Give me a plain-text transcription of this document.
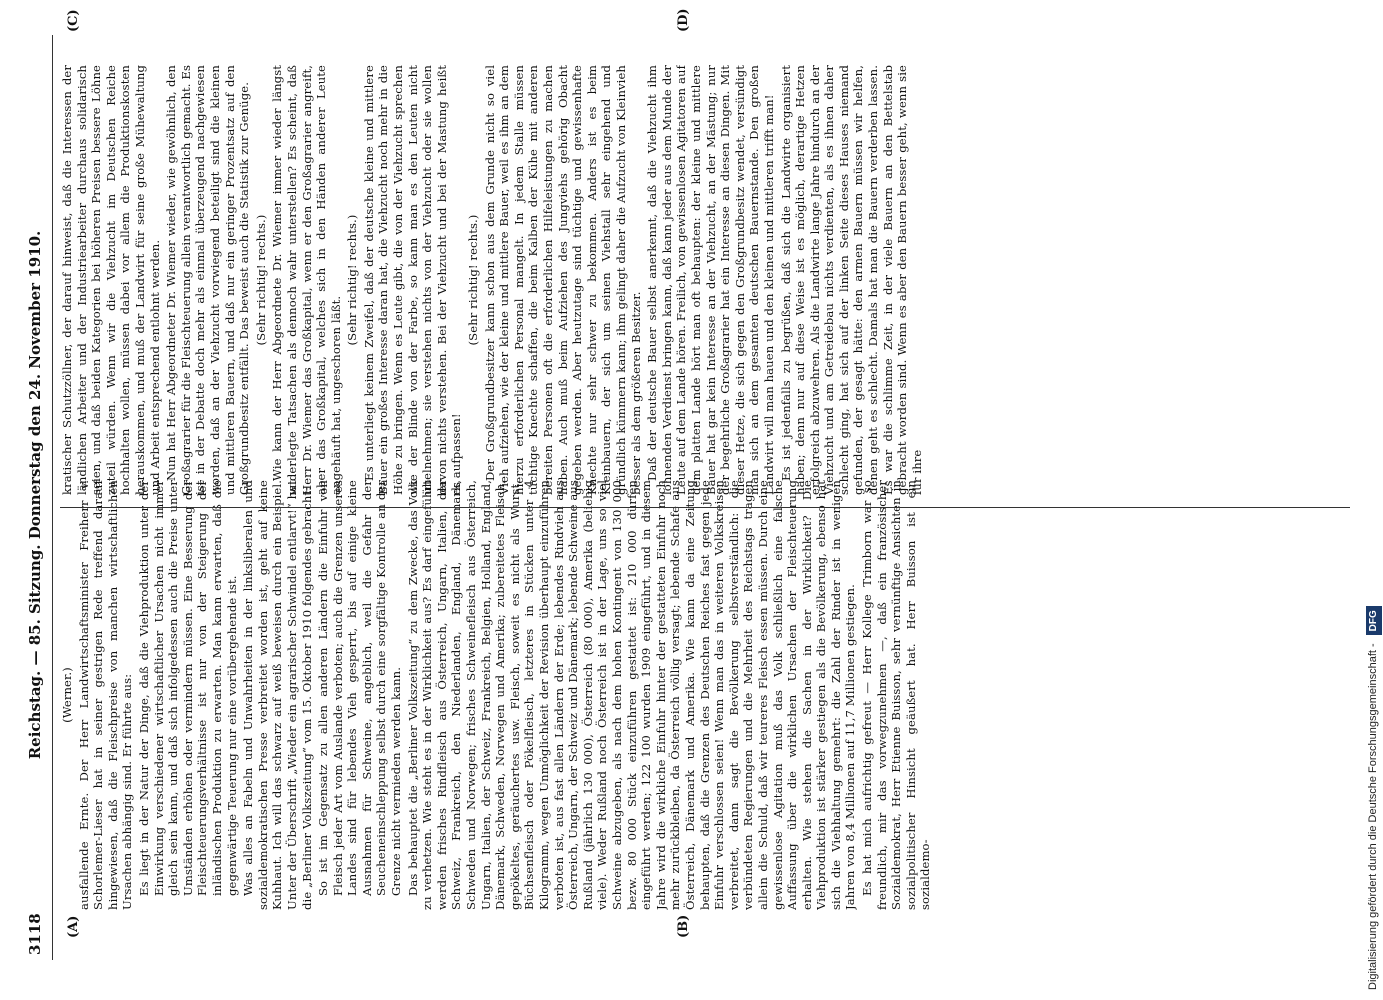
3118
Reichstag. — 85. Sitzung. Donnerstag den 24. November 1910.
(A)	(B)
(C)	(D)

(Werner.) ausfallende Ernte. Der Herr Landwirtschaftsminister Freiherr v. Schorlemer-Lieser hat in seiner gestrigen Rede treffend darauf hingewiesen, daß die Fleischpreise von manchen wirtschaftlichen Ursachen abhängig sind. Er führte aus: Es liegt in der Natur der Dinge, daß die Viehproduktion unter der Einwirkung verschiedener wirtschaftlicher Ursachen nicht immer gleich sein kann, und daß sich infolgedessen auch die Preise unter Umständen erhöhen oder vermindern müssen. Eine Besserung der Fleischteuerungsverhältnisse ist nur von der Steigerung der inländischen Produktion zu erwarten. Man kann erwarten, daß die gegenwärtige Teuerung nur eine vorübergehende ist. Was alles an Fabeln und Unwahrheiten in der linksliberalen und sozialdemokratischen Presse verbreitet worden ist, geht auf keine Kuhhaut. Ich will das schwarz auf weiß beweisen durch ein Beispiel. Unter der Überschrift „Wieder ein agrarischer Schwindel entlarvt!“ hat die „Berliner Volkszeitung“ vom 15. Oktober 1910 folgendes gebracht: So ist im Gegensatz zu allen anderen Ländern die Einfuhr von Fleisch jeder Art vom Auslande verboten; auch die Grenzen unseres Landes sind für lebendes Vieh gesperrt, bis auf einige kleine Ausnahmen für Schweine, angeblich, weil die Gefahr der Seucheneinschleppung selbst durch eine sorgfältige Kontrolle an der Grenze nicht vermieden werden kann. Das behauptet die „Berliner Volkszeitung“ zu dem Zwecke, das Volk zu verhetzen. Wie steht es in der Wirklichkeit aus? Es darf eingeführt werden frisches Rindfleisch aus Österreich, Ungarn, Italien, der Schweiz, Frankreich, den Niederlanden, England, Dänemark, Schweden und Norwegen; frisches Schweinefleisch aus Österreich, Ungarn, Italien, der Schweiz, Frankreich, Belgien, Holland, England, Dänemark, Schweden, Norwegen und Amerika; zubereitetes Fleisch, gepökeltes, geräuchertes usw. Fleisch, soweit es nicht als Wurst, Büchsenfleisch oder Pökelfleisch, letzteres in Stücken unter 4 Kilogramm, wegen Unmöglichkeit der Revision überhaupt einzuführen verboten ist, aus fast allen Ländern der Erde; lebendes Rindvieh aus Österreich, Ungarn, der Schweiz und Dänemark; lebende Schweine aus Rußland (jährlich 130 000), Österreich (80 000), Amerika (beliebig viele). Weder Rußland noch Österreich ist in der Lage, uns so viel Schweine abzugeben, als nach dem hohen Kontingent von 130 000 bezw. 80 000 Stück einzuführen gestattet ist: 210 000 dürfen eingeführt werden; 122 100 wurden 1909 eingeführt, und in diesem Jahre wird die wirkliche Einfuhr hinter der gestatteten Einfuhr noch mehr zurückbleiben, da Österreich völlig versagt; lebende Schafe aus Österreich, Dänemark und Amerika. Wie kann da eine Zeitung behaupten, daß die Grenzen des Deutschen Reiches fast gegen jede Einfuhr verschlossen seien! Wenn man das in weiteren Volkskreisen verbreitet, dann sagt die Bevölkerung selbstverständlich: die verbündeten Regierungen und die Mehrheit des Reichstags tragen allein die Schuld, daß wir teureres Fleisch essen müssen. Durch eine gewissenlose Agitation muß das Volk schließlich eine falsche Auffassung über die wirklichen Ursachen der Fleischteuerung erhalten. Wie stehen die Sachen in der Wirklichkeit? Die Viehproduktion ist stärker gestiegen als die Bevölkerung, ebenso hat sich die Viehhaltung gemehrt: die Zahl der Rinder ist in wenigen Jahren von 8,4 Millionen auf 11,7 Millionen gestiegen. Es hat mich aufrichtig gefreut — Herr Kollege Trimborn war so freundlich, mir das vorwegzunehmen —, daß ein französischer Sozialdemokrat, Herr Etienne Buisson, sehr vernünftige Ansichten in sozialpolitischer Hinsicht geäußert hat. Herr Buisson ist ein sozialdemo-

kratischer Schutzzöllner, der darauf hinweist, daß die Interessen der ländlichen Arbeiter und der Industriearbeiter durchaus solidarisch seien, und daß beiden Kategorien bei höheren Preisen bessere Löhne zuteil würden. Wenn wir die Viehzucht im Deutschen Reiche hochhalten wollen, müssen dabei vor allem die Produktionskosten herauskommen, und muß der Landwirt für seine große Mühewaltung und Arbeit entsprechend entlohnt werden. Nun hat Herr Abgeordneter Dr. Wiemer wieder, wie gewöhnlich, den Großagrarier für die Fleischteuerung allein verantwortlich gemacht. Es ist in der Debatte doch mehr als einmal überzeugend nachgewiesen worden, daß an der Viehzucht vorwiegend beteiligt sind die kleinen und mittleren Bauern, und daß nur ein geringer Prozentsatz auf den Großgrundbesitz entfällt. Das beweist auch die Statistik zur Genüge. (Sehr richtig! rechts.) Wie kann der Herr Abgeordnete Dr. Wiemer immer wieder längst widerlegte Tatsachen als dennoch wahr unterstellen? Es scheint, daß Herr Dr. Wiemer das Großkapital, wenn er den Großagrarier angreift, aber das Großkapital, welches sich in den Händen anderer Leute angehäuft hat, ungeschoren läßt.

(Sehr richtig! rechts.) Es unterliegt keinem Zweifel, daß der deutsche kleine und mittlere Bauer ein großes Interesse daran hat, die Viehzucht noch mehr in die Höhe zu bringen. Wenn es Leute gibt, die von der Viehzucht sprechen wie der Blinde von der Farbe, so kann man es den Leuten nicht übelnehmen; sie verstehen nichts von der Viehzucht oder sie wollen davon nichts verstehen. Bei der Viehzucht und bei der Mastung heißt es aufpassen!

(Sehr richtig! rechts.) Der Großgrundbesitzer kann schon aus dem Grunde nicht so viel Vieh aufziehen, wie der kleine und mittlere Bauer, weil es ihm an dem hierzu erforderlichen Personal mangelt. In jedem Stalle müssen tüchtige Knechte schaffen, die beim Kalben der Kühe mit anderen bereiten Personen oft die erforderlichen Hilfeleistungen zu machen haben. Auch muß beim Aufziehen des Jungviehs gehörig Obacht gegeben werden. Aber heutzutage sind tüchtige und gewissenhafte Knechte nur sehr schwer zu bekommen. Anders ist es beim Kleinbauern, der sich um seinen Viehstall sehr eingehend und gründlich kümmern kann; ihm gelingt daher die Aufzucht von Kleinvieh besser als dem größeren Besitzer. Daß der deutsche Bauer selbst anerkennt, daß die Viehzucht ihm lohnenden Verdienst bringen kann, daß kann jeder aus dem Munde der Leute auf dem Lande hören. Freilich, von gewissenlosen Agitatoren auf dem platten Lande hört man oft behaupten: der kleine und mittlere Bauer hat gar kein Interesse an der Viehzucht, an der Mästung; nur der begehrliche Großagrarier hat ein Interesse an diesen Dingen. Mit dieser Hetze, die sich gegen den Großgrundbesitz wendet, versündigt man sich an dem gesamten deutschen Bauernstande. Den großen Landwirt will man hauen und den kleinen und mittleren trifft man! Es ist jedenfalls zu begrüßen, daß sich die Landwirte organisiert haben; denn nur auf diese Weise ist es möglich, derartige Hetzen erfolgreich abzuwehren. Als die Landwirte lange Jahre hindurch an der Viehzucht und am Getreidebau nichts verdienten, als es ihnen daher schlecht ging, hat sich auf der linken Seite dieses Hauses niemand gefunden, der gesagt hätte: den armen Bauern müssen wir helfen, denen geht es schlecht. Damals hat man die Bauern verderben lassen. Es war die schlimme Zeit, in der viele Bauern an den Bettelstab gebracht worden sind. Wenn es aber den Bauern besser geht, wenn sie für ihre

Digitalisierung gefördert durch die Deutsche Forschungsgemeinschaft -DFG
